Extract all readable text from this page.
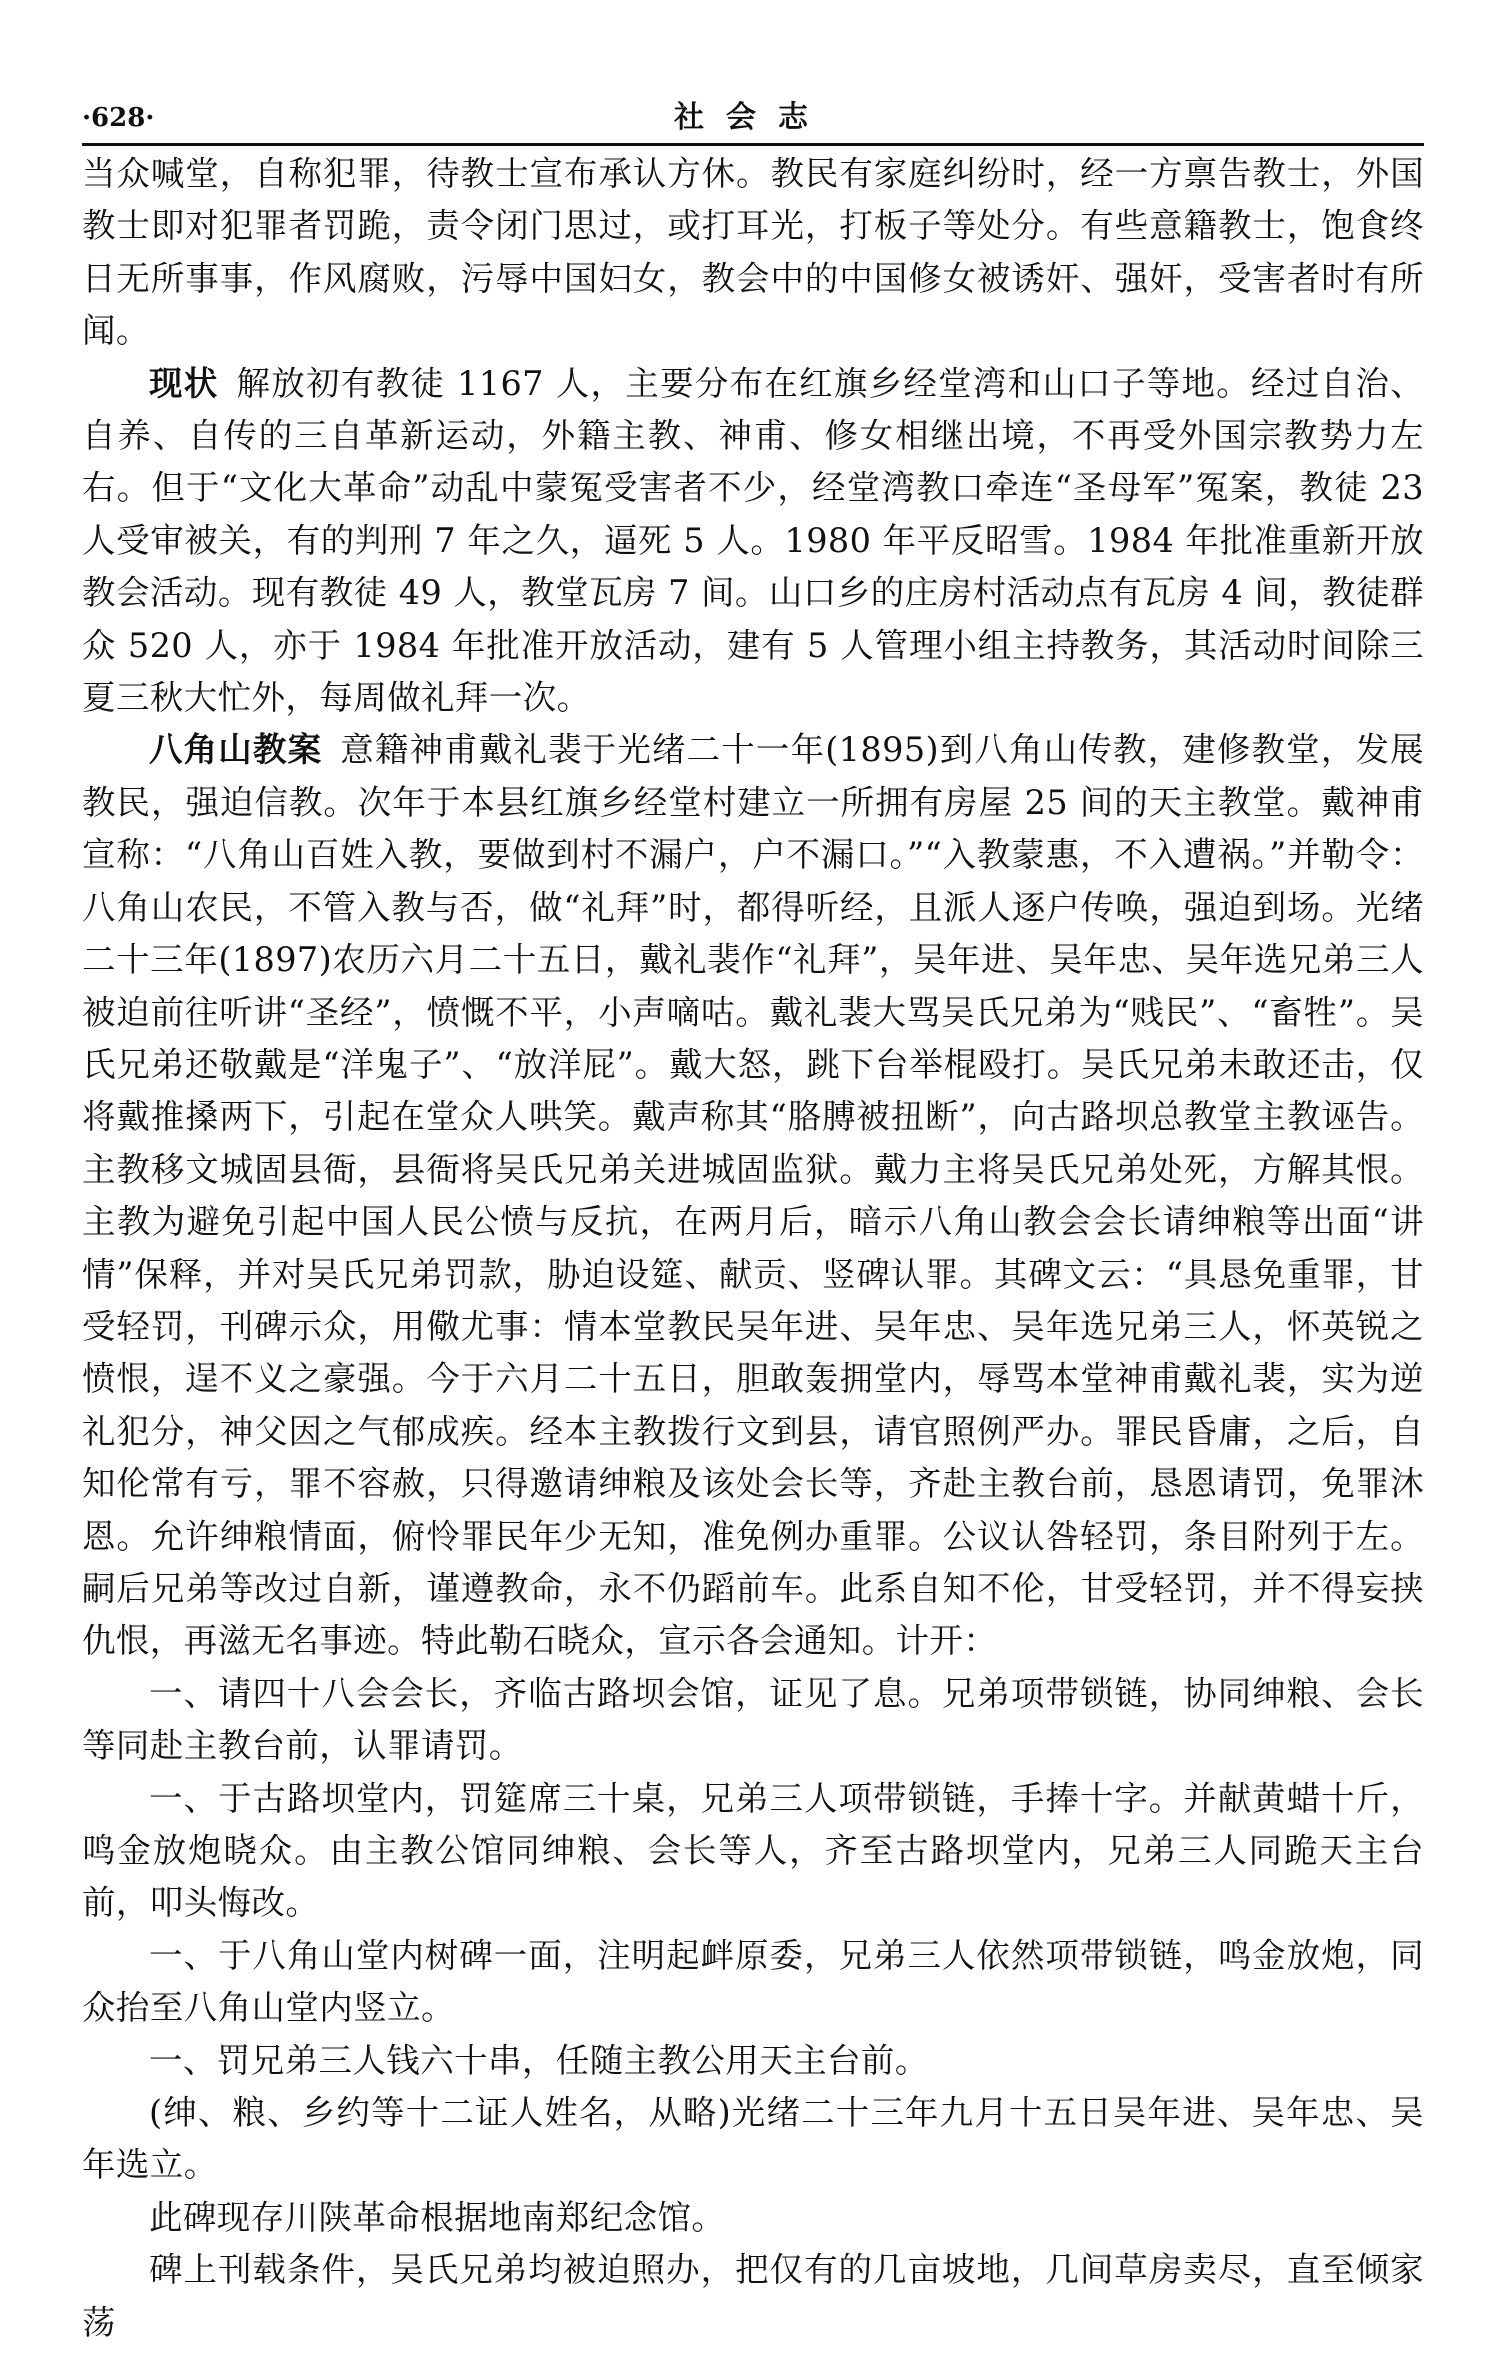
·628·	社会志

当众喊堂，自称犯罪，待教士宣布承认方休。教民有家庭纠纷时，经一方禀告教士，外国教士即对犯罪者罚跪，责令闭门思过，或打耳光，打板子等处分。有些意籍教士，饱食终日无所事事，作风腐败，污辱中国妇女，教会中的中国修女被诱奸、强奸，受害者时有所闻。

现状 解放初有教徒 1167 人，主要分布在红旗乡经堂湾和山口子等地。经过自治、自养、自传的三自革新运动，外籍主教、神甫、修女相继出境，不再受外国宗教势力左右。但于“文化大革命”动乱中蒙冤受害者不少，经堂湾教口牵连“圣母军”冤案，教徒 23 人受审被关，有的判刑 7 年之久，逼死 5 人。1980 年平反昭雪。1984 年批准重新开放教会活动。现有教徒 49 人，教堂瓦房 7 间。山口乡的庄房村活动点有瓦房 4 间，教徒群众 520 人，亦于 1984 年批准开放活动，建有 5 人管理小组主持教务，其活动时间除三夏三秋大忙外，每周做礼拜一次。

八角山教案 意籍神甫戴礼裴于光绪二十一年(1895)到八角山传教，建修教堂，发展教民，强迫信教。次年于本县红旗乡经堂村建立一所拥有房屋 25 间的天主教堂。戴神甫宣称：“八角山百姓入教，要做到村不漏户，户不漏口。”“入教蒙惠，不入遭祸。”并勒令：八角山农民，不管入教与否，做“礼拜”时，都得听经，且派人逐户传唤，强迫到场。光绪二十三年(1897)农历六月二十五日，戴礼裴作“礼拜”，吴年进、吴年忠、吴年选兄弟三人被迫前往听讲“圣经”，愤慨不平，小声嘀咕。戴礼裴大骂吴氏兄弟为“贱民”、“畜牲”。吴氏兄弟还敬戴是“洋鬼子”、“放洋屁”。戴大怒，跳下台举棍殴打。吴氏兄弟未敢还击，仅将戴推搡两下，引起在堂众人哄笑。戴声称其“胳膊被扭断”，向古路坝总教堂主教诬告。主教移文城固县衙，县衙将吴氏兄弟关进城固监狱。戴力主将吴氏兄弟处死，方解其恨。主教为避免引起中国人民公愤与反抗，在两月后，暗示八角山教会会长请绅粮等出面“讲情”保释，并对吴氏兄弟罚款，胁迫设筵、献贡、竖碑认罪。其碑文云：“具恳免重罪，甘受轻罚，刊碑示众，用儆尤事：情本堂教民吴年进、吴年忠、吴年选兄弟三人，怀英锐之愤恨，逞不义之豪强。今于六月二十五日，胆敢轰拥堂内，辱骂本堂神甫戴礼裴，实为逆礼犯分，神父因之气郁成疾。经本主教拨行文到县，请官照例严办。罪民昏庸，之后，自知伦常有亏，罪不容赦，只得邀请绅粮及该处会长等，齐赴主教台前，恳恩请罚，免罪沐恩。允许绅粮情面，俯怜罪民年少无知，准免例办重罪。公议认咎轻罚，条目附列于左。嗣后兄弟等改过自新，谨遵教命，永不仍蹈前车。此系自知不伦，甘受轻罚，并不得妄挟仇恨，再滋无名事迹。特此勒石晓众，宣示各会通知。计开：

一、请四十八会会长，齐临古路坝会馆，证见了息。兄弟项带锁链，协同绅粮、会长等同赴主教台前，认罪请罚。

一、于古路坝堂内，罚筵席三十桌，兄弟三人项带锁链，手捧十字。并献黄蜡十斤，鸣金放炮晓众。由主教公馆同绅粮、会长等人，齐至古路坝堂内，兄弟三人同跪天主台前，叩头悔改。

一、于八角山堂内树碑一面，注明起衅原委，兄弟三人依然项带锁链，鸣金放炮，同众抬至八角山堂内竖立。

一、罚兄弟三人钱六十串，任随主教公用天主台前。

(绅、粮、乡约等十二证人姓名，从略)光绪二十三年九月十五日吴年进、吴年忠、吴年选立。

此碑现存川陕革命根据地南郑纪念馆。

碑上刊载条件，吴氏兄弟均被迫照办，把仅有的几亩坡地，几间草房卖尽，直至倾家荡
